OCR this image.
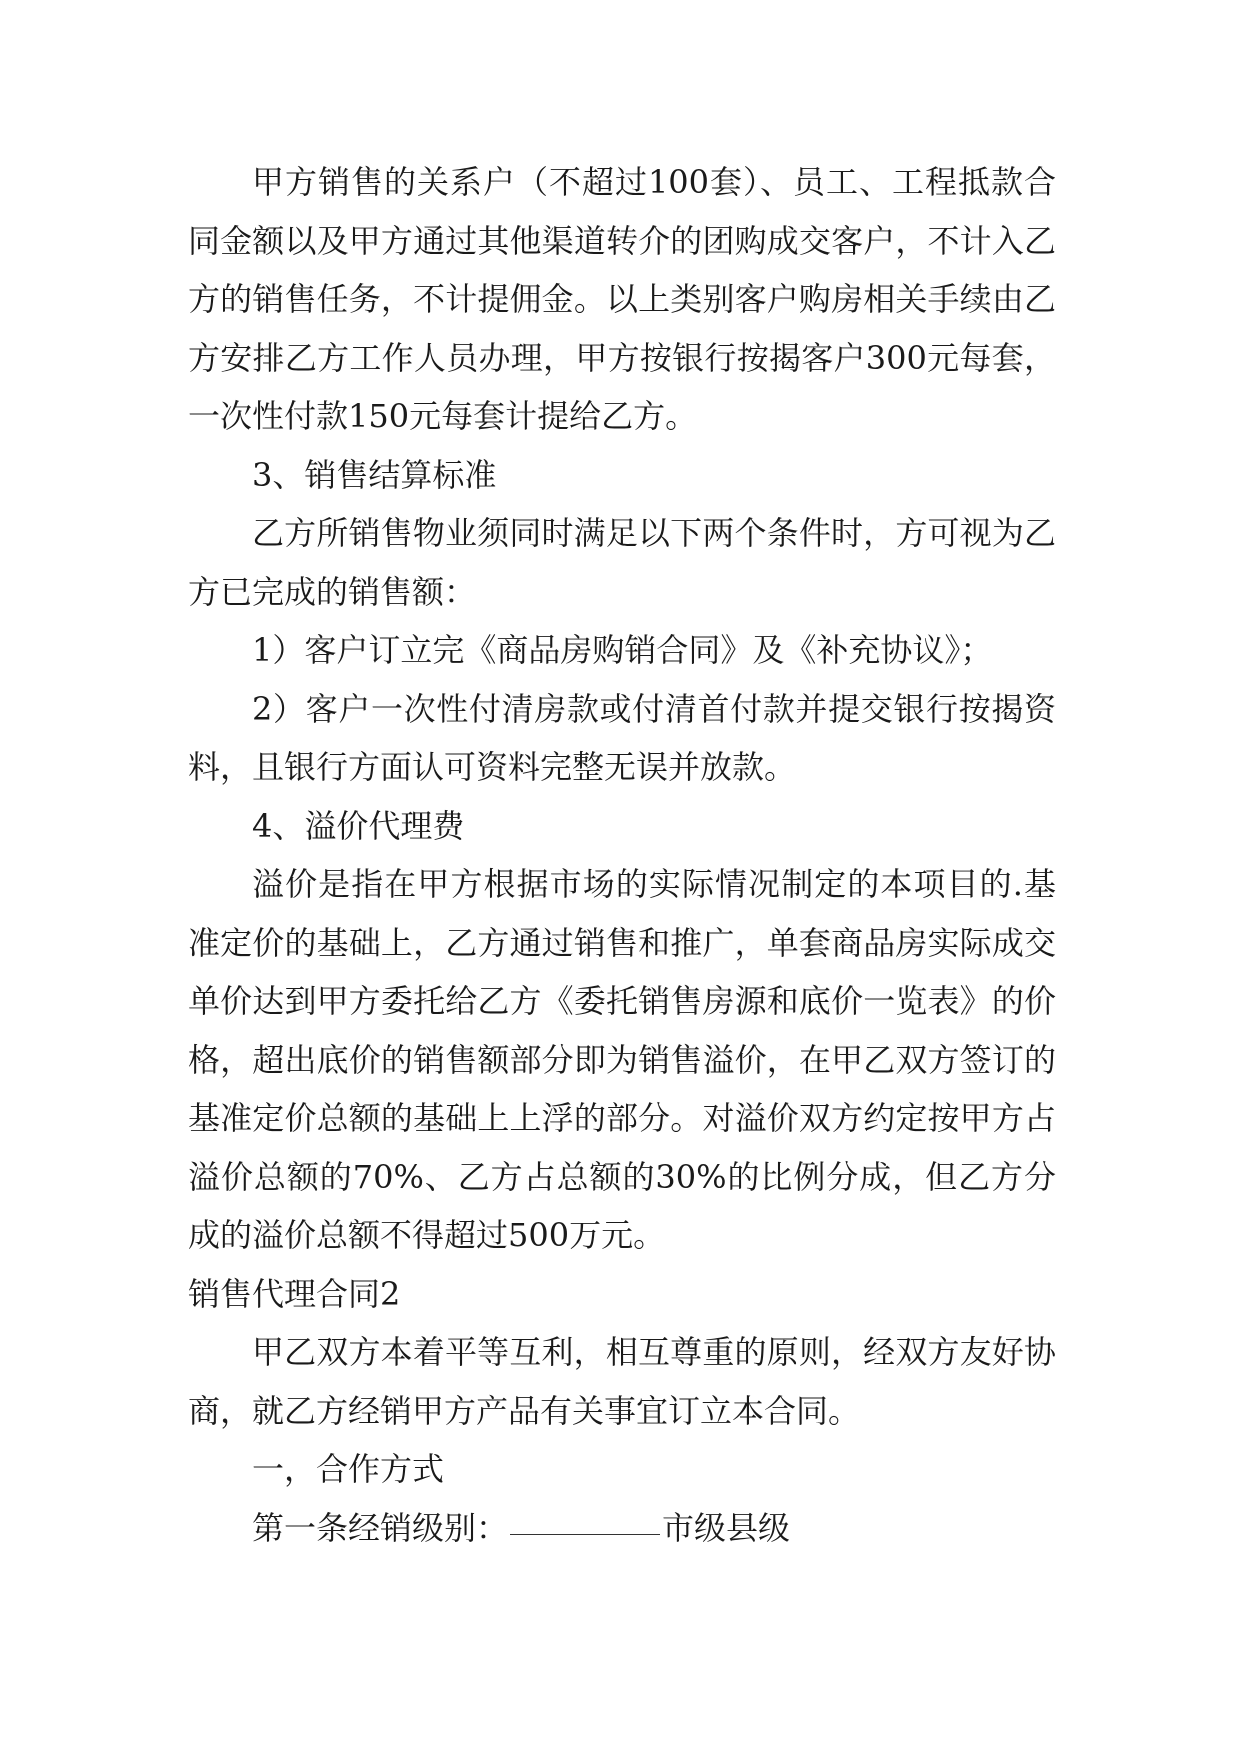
甲方销售的关系户（不超过100套）、员工、工程抵款合同金额以及甲方通过其他渠道转介的团购成交客户，不计入乙方的销售任务，不计提佣金。以上类别客户购房相关手续由乙方安排乙方工作人员办理，甲方按银行按揭客户300元每套，一次性付款150元每套计提给乙方。

3、销售结算标准

乙方所销售物业须同时满足以下两个条件时，方可视为乙方已完成的销售额：

1）客户订立完《商品房购销合同》及《补充协议》；

2）客户一次性付清房款或付清首付款并提交银行按揭资料，且银行方面认可资料完整无误并放款。

4、溢价代理费

溢价是指在甲方根据市场的实际情况制定的本项目的.基准定价的基础上，乙方通过销售和推广，单套商品房实际成交单价达到甲方委托给乙方《委托销售房源和底价一览表》的价格，超出底价的销售额部分即为销售溢价，在甲乙双方签订的基准定价总额的基础上上浮的部分。对溢价双方约定按甲方占溢价总额的70%、乙方占总额的30%的比例分成，但乙方分成的溢价总额不得超过500万元。

销售代理合同2

甲乙双方本着平等互利，相互尊重的原则，经双方友好协商，就乙方经销甲方产品有关事宜订立本合同。

一，合作方式

第一条经销级别：	市级县级
